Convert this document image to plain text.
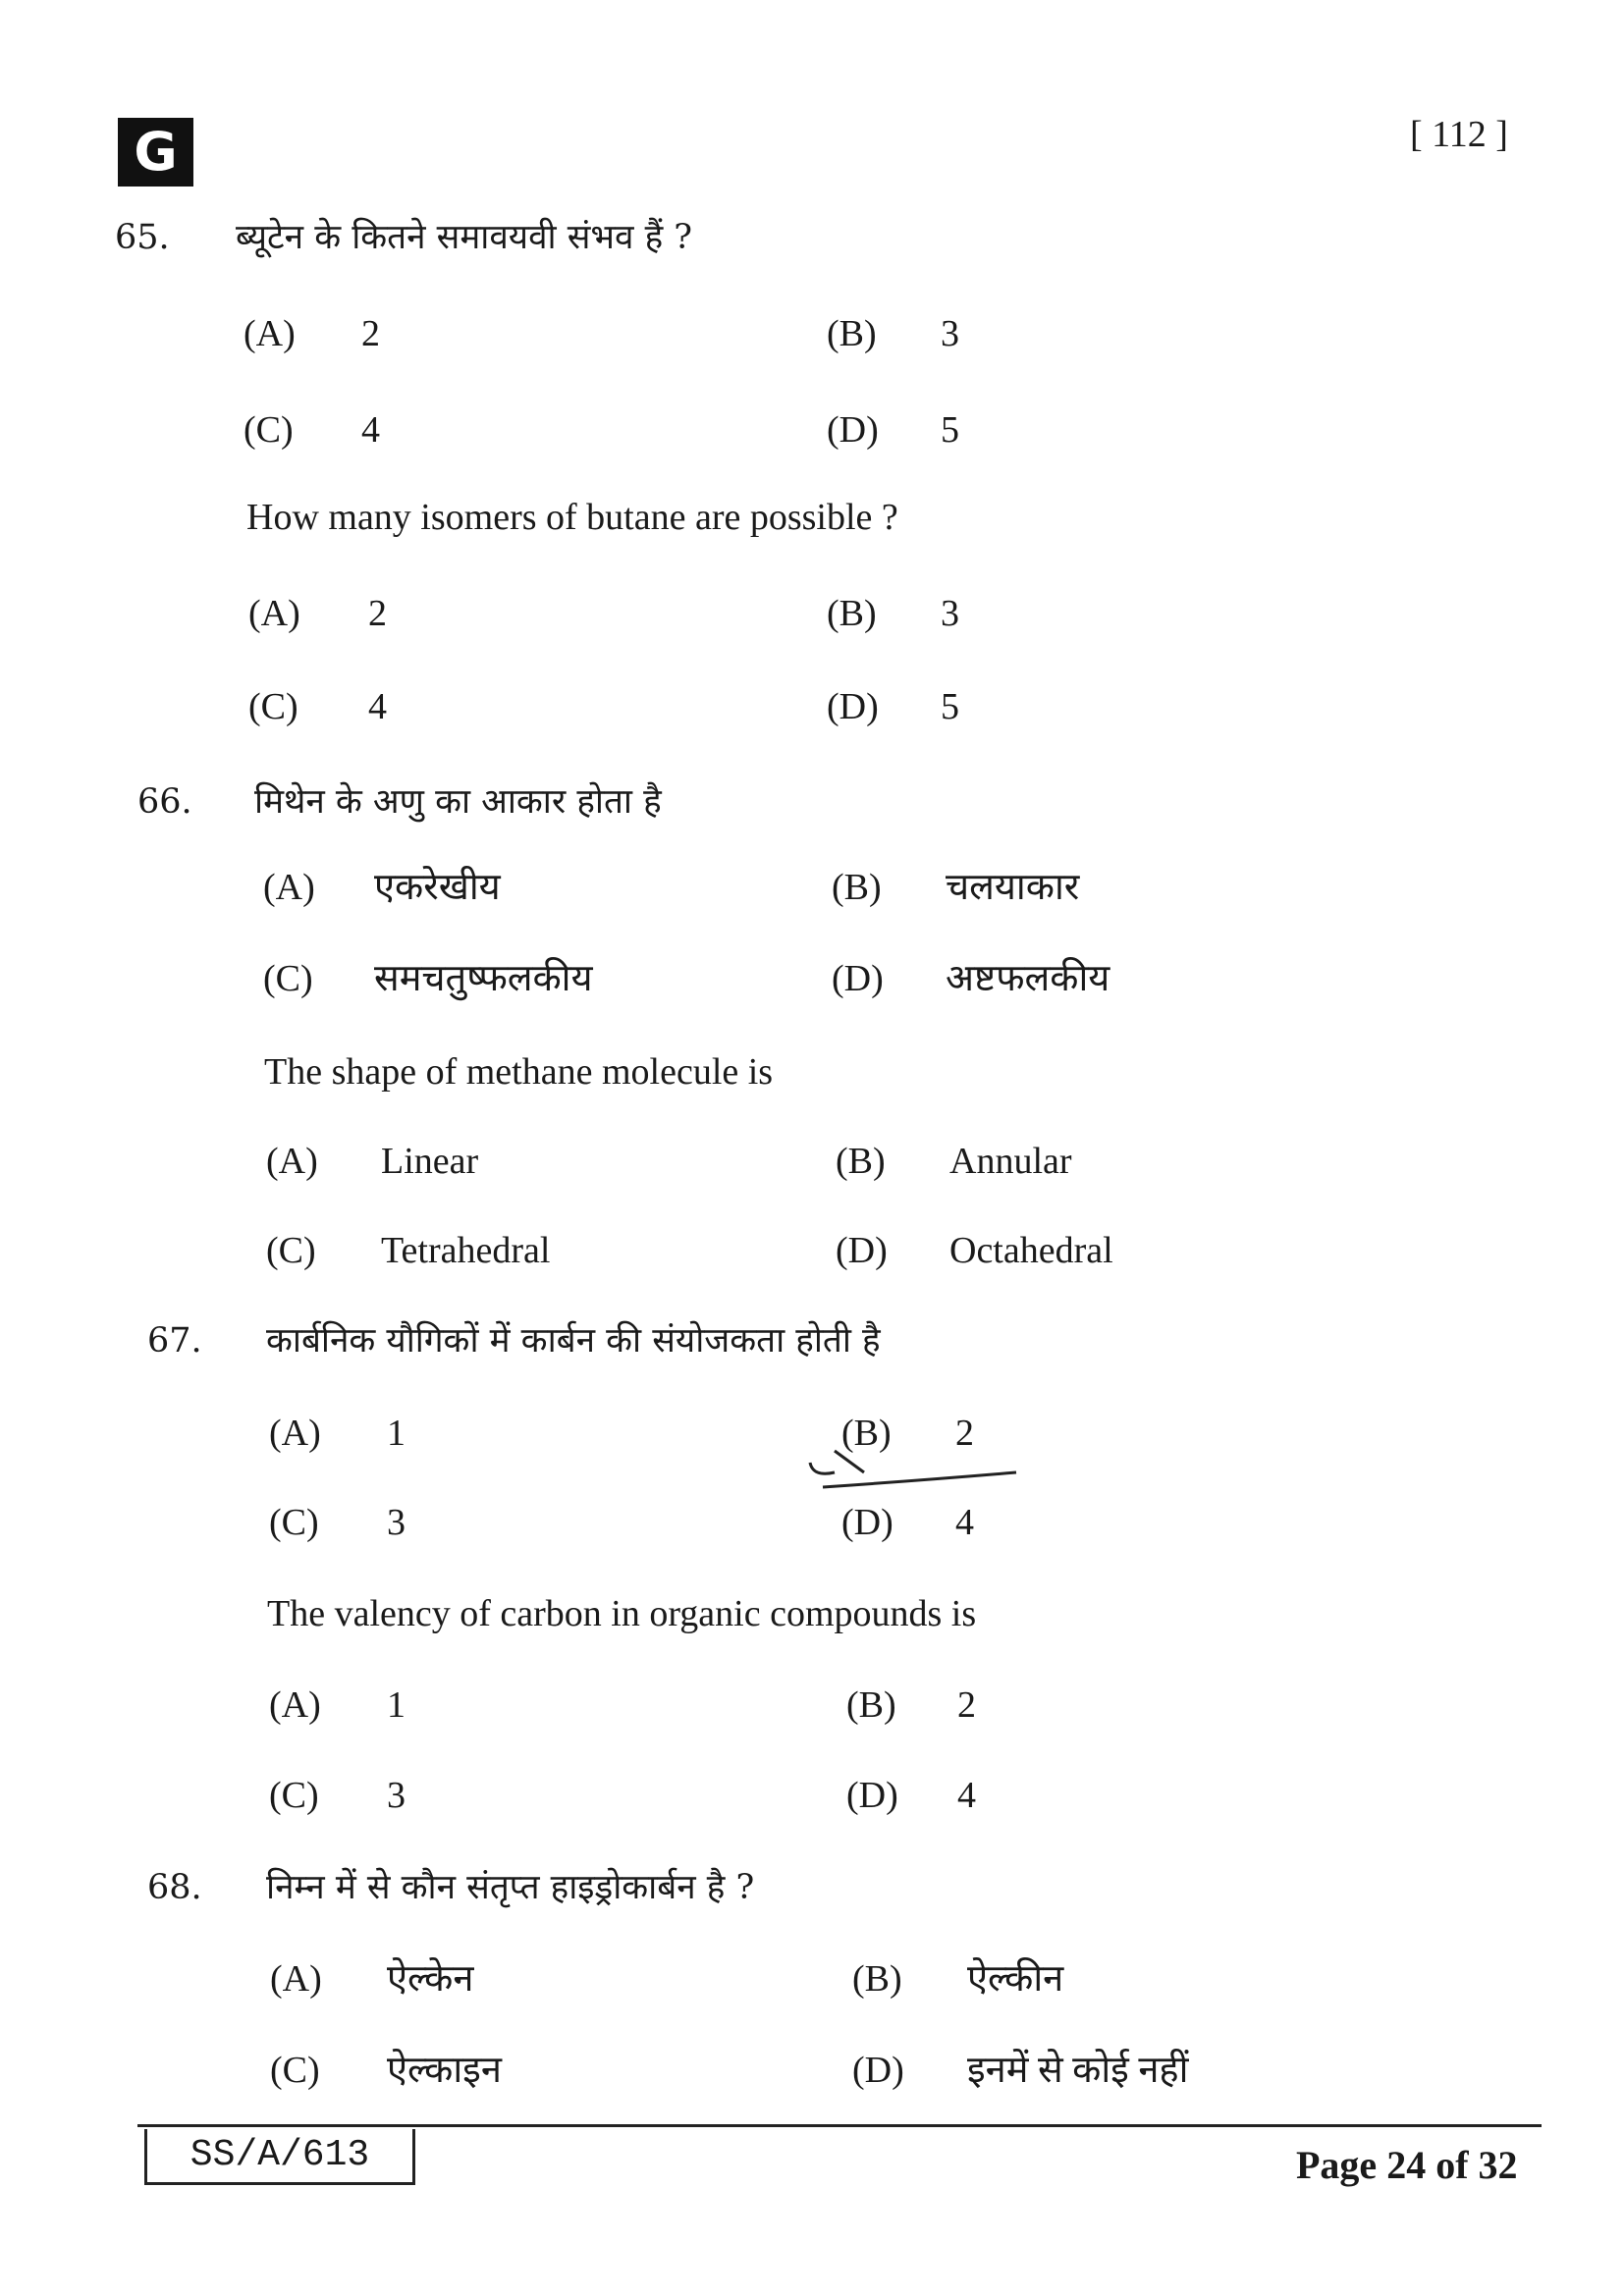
G	[ 112 ]
65. ब्यूटेन के कितने समावयवी संभव हैं ?
(A) 2	(B) 3
(C) 4	(D) 5
How many isomers of butane are possible ?
(A) 2	(B) 3
(C) 4	(D) 5
66. मिथेन के अणु का आकार होता है
(A) एकरेखीय	(B) चलयाकार
(C) समचतुष्फलकीय	(D) अष्टफलकीय
The shape of methane molecule is
(A) Linear	(B) Annular
(C) Tetrahedral	(D) Octahedral
67. कार्बनिक यौगिकों में कार्बन की संयोजकता होती है
(A) 1	(B) 2
(C) 3	(D) 4
The valency of carbon in organic compounds is
(A) 1	(B) 2
(C) 3	(D) 4
68. निम्न में से कौन संतृप्त हाइड्रोकार्बन है ?
(A) ऐल्केन	(B) ऐल्कीन
(C) ऐल्काइन	(D) इनमें से कोई नहीं
SS/A/613	Page 24 of 32
